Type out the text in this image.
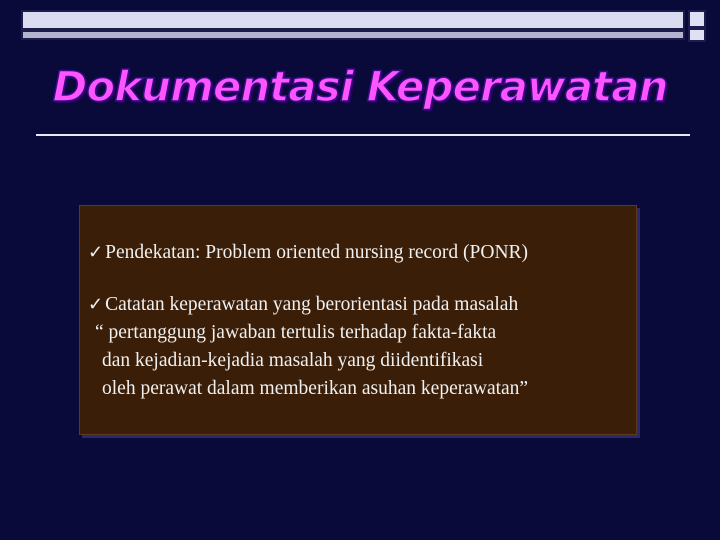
Dokumentasi Keperawatan
✓ Pendekatan: Problem oriented nursing record (PONR)
✓ Catatan keperawatan yang berorientasi pada masalah
“ pertanggung jawaban tertulis terhadap fakta-fakta
dan kejadian-kejadia masalah yang diidentifikasi
oleh perawat dalam memberikan asuhan keperawatan”
